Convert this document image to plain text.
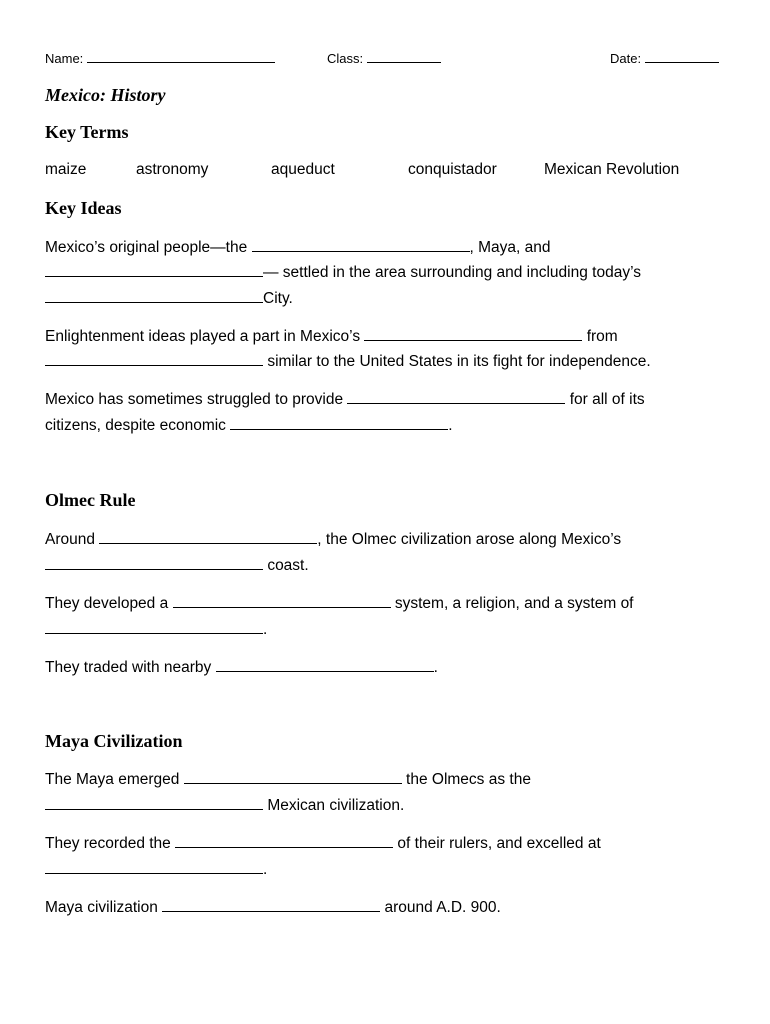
Name:	Class:	Date:
Mexico: History
Key Terms
maize	astronomy	aqueduct	conquistador	Mexican Revolution
Key Ideas
Mexico’s original people—the	, Maya, and
— settled in the area surrounding and including today’s
City.
Enlightenment ideas played a part in Mexico’s	from
similar to the United States in its fight for independence.
Mexico has sometimes struggled to provide	for all of its
citizens, despite economic	.
Olmec Rule
Around	, the Olmec civilization arose along Mexico’s
coast.
They developed a	system, a religion, and a system of
.
They traded with nearby	.
Maya Civilization
The Maya emerged	the Olmecs as the
Mexican civilization.
They recorded the	of their rulers, and excelled at
.
Maya civilization	around A.D. 900.
